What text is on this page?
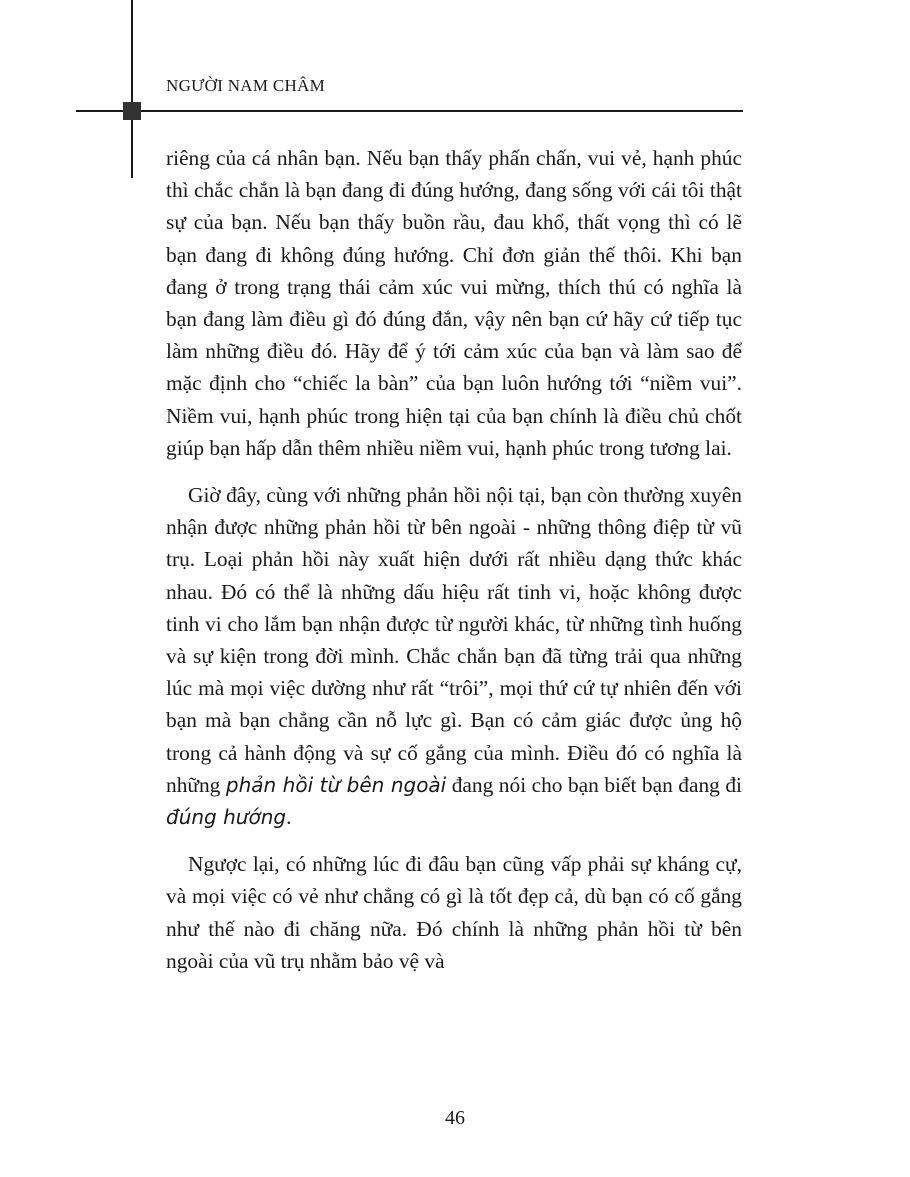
NGƯỜI NAM CHÂM

riêng của cá nhân bạn. Nếu bạn thấy phấn chấn, vui vẻ, hạnh phúc thì chắc chắn là bạn đang đi đúng hướng, đang sống với cái tôi thật sự của bạn. Nếu bạn thấy buồn rầu, đau khổ, thất vọng thì có lẽ bạn đang đi không đúng hướng. Chỉ đơn giản thế thôi. Khi bạn đang ở trong trạng thái cảm xúc vui mừng, thích thú có nghĩa là bạn đang làm điều gì đó đúng đắn, vậy nên bạn cứ hãy cứ tiếp tục làm những điều đó. Hãy để ý tới cảm xúc của bạn và làm sao để mặc định cho “chiếc la bàn” của bạn luôn hướng tới “niềm vui”. Niềm vui, hạnh phúc trong hiện tại của bạn chính là điều chủ chốt giúp bạn hấp dẫn thêm nhiều niềm vui, hạnh phúc trong tương lai.

Giờ đây, cùng với những phản hồi nội tại, bạn còn thường xuyên nhận được những phản hồi từ bên ngoài - những thông điệp từ vũ trụ. Loại phản hồi này xuất hiện dưới rất nhiều dạng thức khác nhau. Đó có thể là những dấu hiệu rất tinh vi, hoặc không được tinh vi cho lắm bạn nhận được từ người khác, từ những tình huống và sự kiện trong đời mình. Chắc chắn bạn đã từng trải qua những lúc mà mọi việc dường như rất “trôi”, mọi thứ cứ tự nhiên đến với bạn mà bạn chẳng cần nỗ lực gì. Bạn có cảm giác được ủng hộ trong cả hành động và sự cố gắng của mình. Điều đó có nghĩa là những phản hồi từ bên ngoài đang nói cho bạn biết bạn đang đi đúng hướng.

Ngược lại, có những lúc đi đâu bạn cũng vấp phải sự kháng cự, và mọi việc có vẻ như chẳng có gì là tốt đẹp cả, dù bạn có cố gắng như thế nào đi chăng nữa. Đó chính là những phản hồi từ bên ngoài của vũ trụ nhằm bảo vệ và

46
